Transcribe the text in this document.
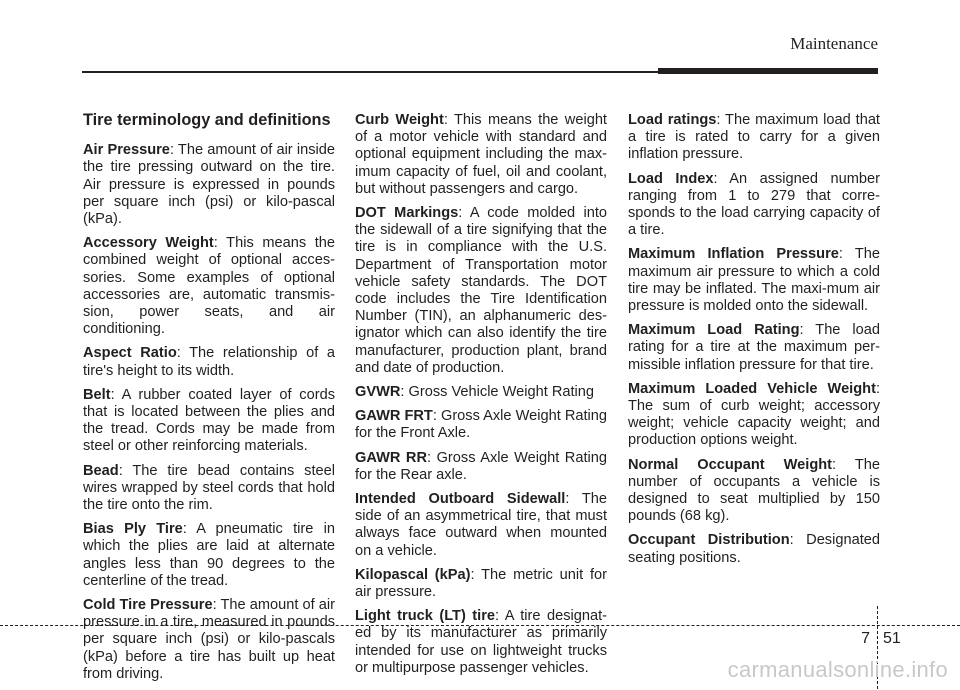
Maintenance
Tire terminology and definitions

Air Pressure: The amount of air inside the tire pressing outward on the tire. Air pressure is expressed in pounds per square inch (psi) or kilo-pascal (kPa).

Accessory Weight: This means the combined weight of optional acces-sories. Some examples of optional accessories are, automatic transmis-sion, power seats, and air conditioning.

Aspect Ratio: The relationship of a tire's height to its width.

Belt: A rubber coated layer of cords that is located between the plies and the tread. Cords may be made from steel or other reinforcing materials.

Bead: The tire bead contains steel wires wrapped by steel cords that hold the tire onto the rim.

Bias Ply Tire: A pneumatic tire in which the plies are laid at alternate angles less than 90 degrees to the centerline of the tread.

Cold Tire Pressure: The amount of air pressure in a tire, measured in pounds per square inch (psi) or kilo-pascals (kPa) before a tire has built up heat from driving.

Curb Weight: This means the weight of a motor vehicle with standard and optional equipment including the max-imum capacity of fuel, oil and coolant, but without passengers and cargo.

DOT Markings: A code molded into the sidewall of a tire signifying that the tire is in compliance with the U.S. Department of Transportation motor vehicle safety standards. The DOT code includes the Tire Identification Number (TIN), an alphanumeric des-ignator which can also identify the tire manufacturer, production plant, brand and date of production.

GVWR: Gross Vehicle Weight Rating

GAWR FRT: Gross Axle Weight Rating for the Front Axle.

GAWR RR: Gross Axle Weight Rating for the Rear axle.

Intended Outboard Sidewall: The side of an asymmetrical tire, that must always face outward when mounted on a vehicle.

Kilopascal (kPa): The metric unit for air pressure.

Light truck (LT) tire: A tire designat-ed by its manufacturer as primarily intended for use on lightweight trucks or multipurpose passenger vehicles.

Load ratings: The maximum load that a tire is rated to carry for a given inflation pressure.

Load Index: An assigned number ranging from 1 to 279 that corre-sponds to the load carrying capacity of a tire.

Maximum Inflation Pressure: The maximum air pressure to which a cold tire may be inflated. The maxi-mum air pressure is molded onto the sidewall.

Maximum Load Rating: The load rating for a tire at the maximum per-missible inflation pressure for that tire.

Maximum Loaded Vehicle Weight: The sum of curb weight; accessory weight; vehicle capacity weight; and production options weight.

Normal Occupant Weight: The number of occupants a vehicle is designed to seat multiplied by 150 pounds (68 kg).

Occupant Distribution: Designated seating positions.

7 51
carmanualsonline.info
